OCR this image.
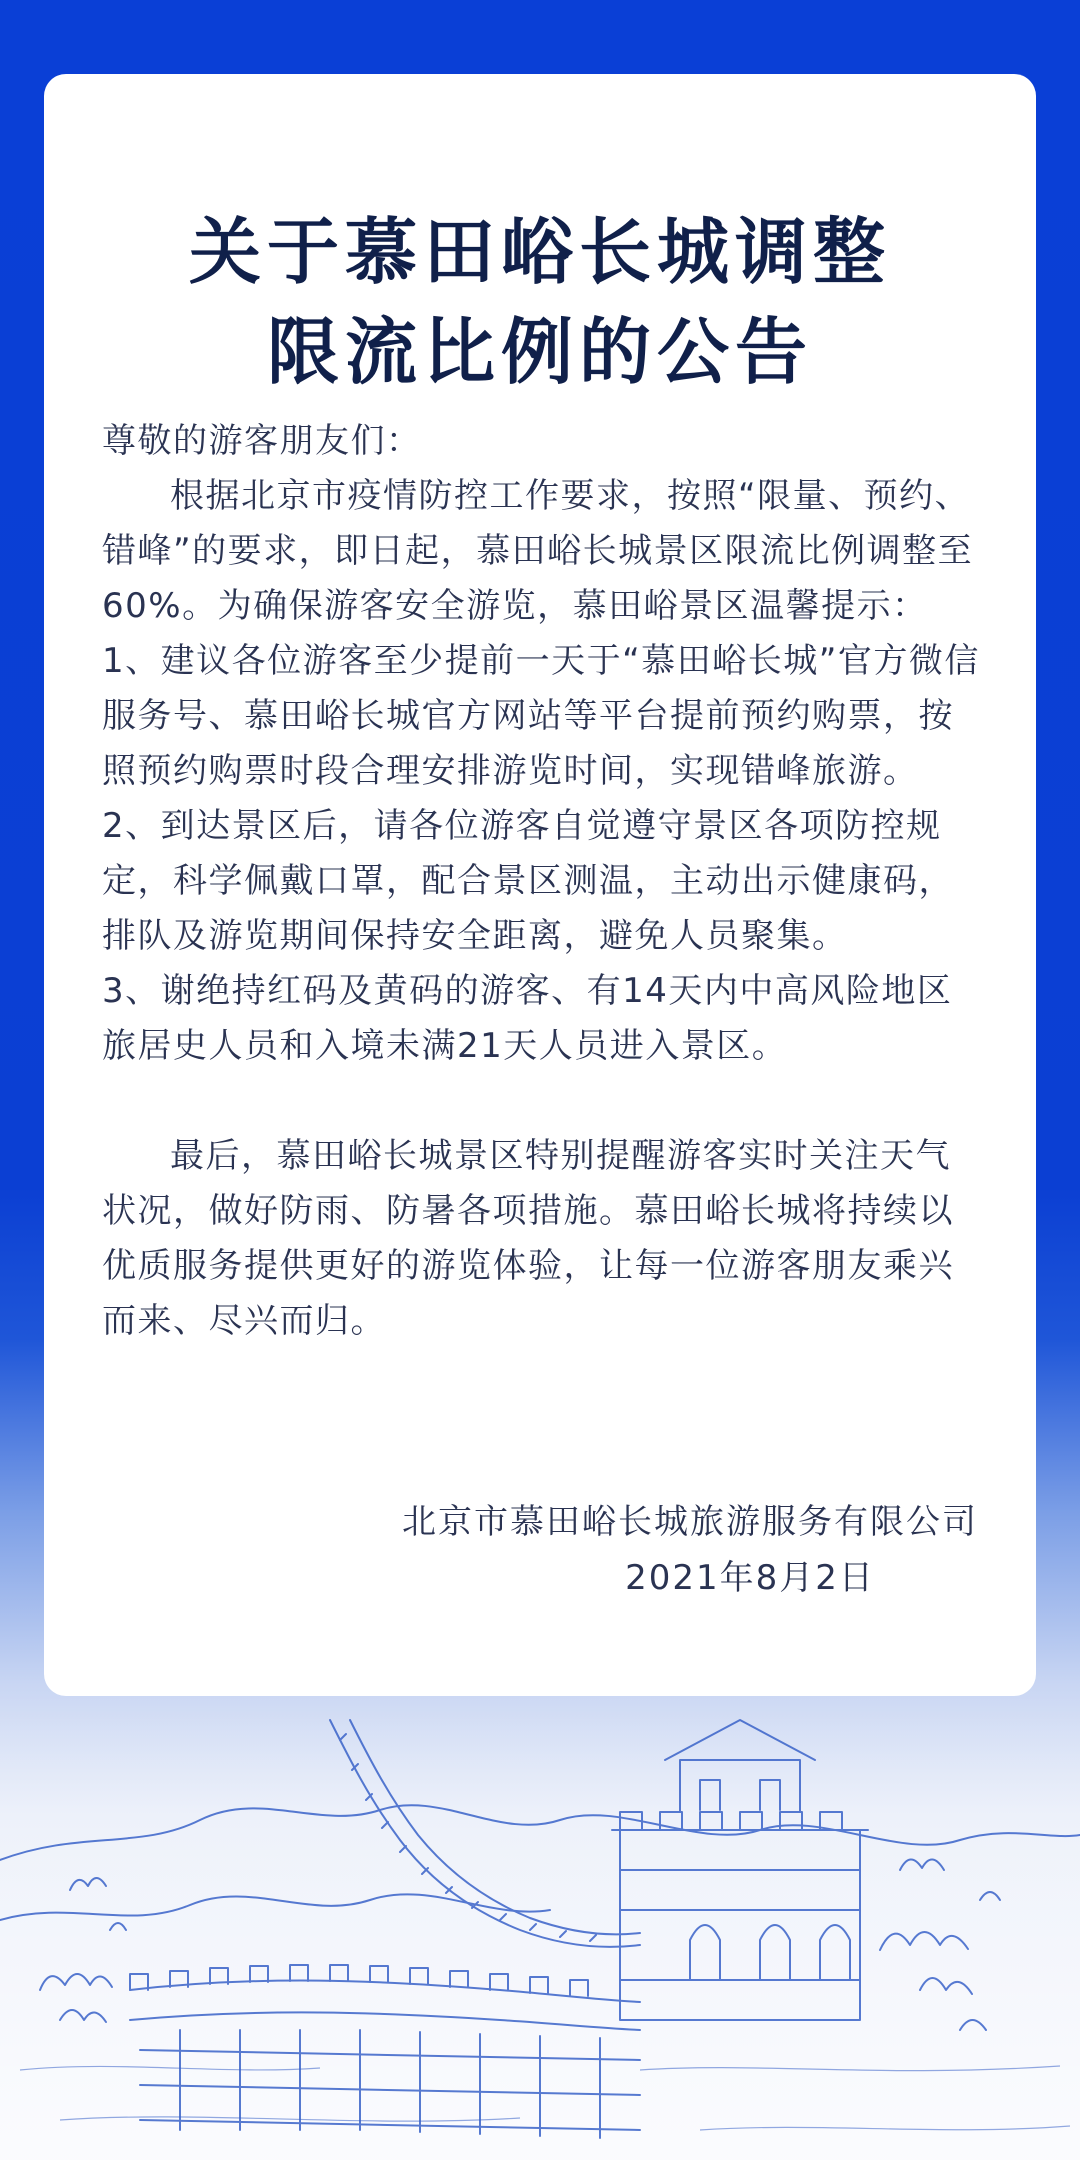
关于慕田峪长城调整
限流比例的公告

尊敬的游客朋友们：

根据北京市疫情防控工作要求，按照“限量、预约、错峰”的要求，即日起，慕田峪长城景区限流比例调整至60%。为确保游客安全游览，慕田峪景区温馨提示：

1、建议各位游客至少提前一天于“慕田峪长城”官方微信服务号、慕田峪长城官方网站等平台提前预约购票，按照预约购票时段合理安排游览时间，实现错峰旅游。

2、到达景区后，请各位游客自觉遵守景区各项防控规定，科学佩戴口罩，配合景区测温，主动出示健康码，排队及游览期间保持安全距离，避免人员聚集。

3、谢绝持红码及黄码的游客、有14天内中高风险地区旅居史人员和入境未满21天人员进入景区。

最后，慕田峪长城景区特别提醒游客实时关注天气状况，做好防雨、防暑各项措施。慕田峪长城将持续以优质服务提供更好的游览体验，让每一位游客朋友乘兴而来、尽兴而归。

北京市慕田峪长城旅游服务有限公司

2021年8月2日
